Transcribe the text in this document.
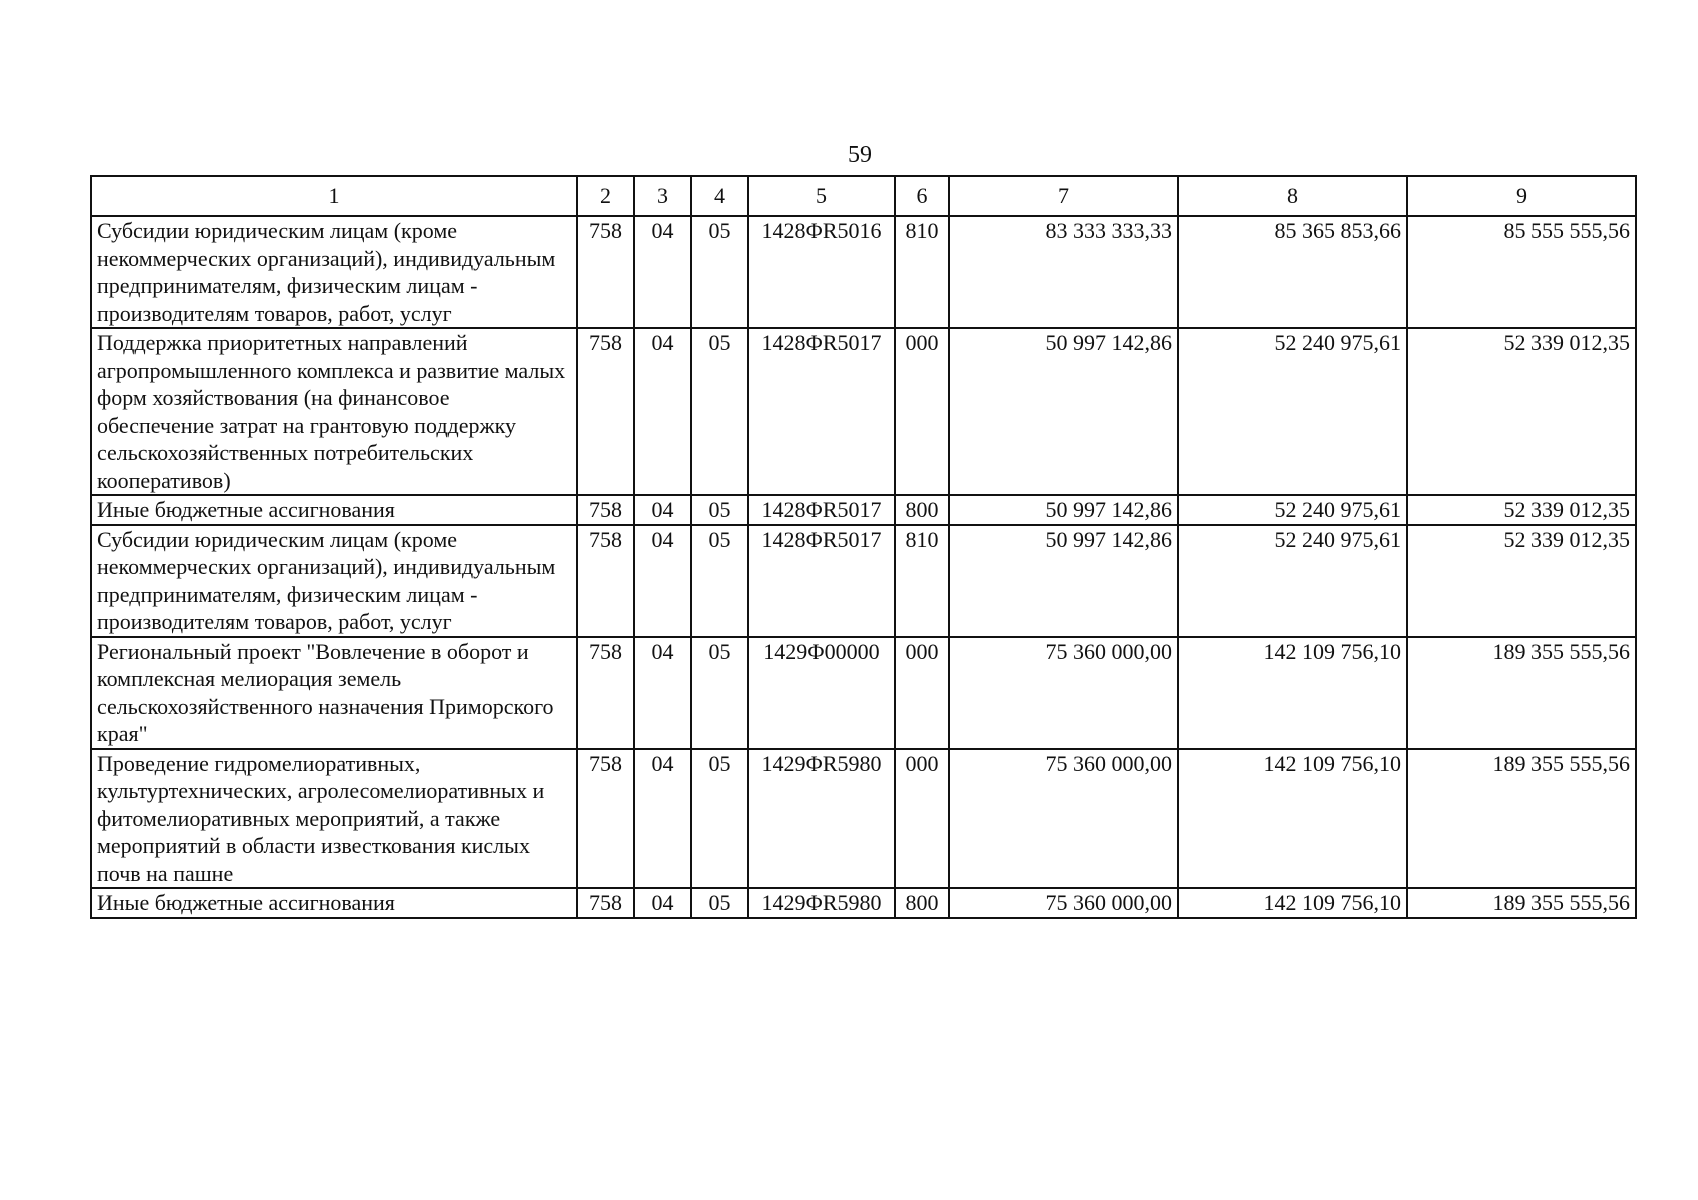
59
1	2	3	4	5	6	7	8	9
Субсидии юридическим лицам (кроме некоммерческих организаций), индивидуальным предпринимателям, физическим лицам - производителям товаров, работ, услуг	758	04	05	1428ФR5016	810	83 333 333,33	85 365 853,66	85 555 555,56
Поддержка приоритетных направлений агропромышленного комплекса и развитие малых форм хозяйствования (на финансовое обеспечение затрат на грантовую поддержку сельскохозяйственных потребительских кооперативов)	758	04	05	1428ФR5017	000	50 997 142,86	52 240 975,61	52 339 012,35
Иные бюджетные ассигнования	758	04	05	1428ФR5017	800	50 997 142,86	52 240 975,61	52 339 012,35
Субсидии юридическим лицам (кроме некоммерческих организаций), индивидуальным предпринимателям, физическим лицам - производителям товаров, работ, услуг	758	04	05	1428ФR5017	810	50 997 142,86	52 240 975,61	52 339 012,35
Региональный проект "Вовлечение в оборот и комплексная мелиорация земель сельскохозяйственного назначения Приморского края"	758	04	05	1429Ф00000	000	75 360 000,00	142 109 756,10	189 355 555,56
Проведение гидромелиоративных, культуртехнических, агролесомелиоративных и фитомелиоративных мероприятий, а также мероприятий в области известкования кислых почв на пашне	758	04	05	1429ФR5980	000	75 360 000,00	142 109 756,10	189 355 555,56
Иные бюджетные ассигнования	758	04	05	1429ФR5980	800	75 360 000,00	142 109 756,10	189 355 555,56
